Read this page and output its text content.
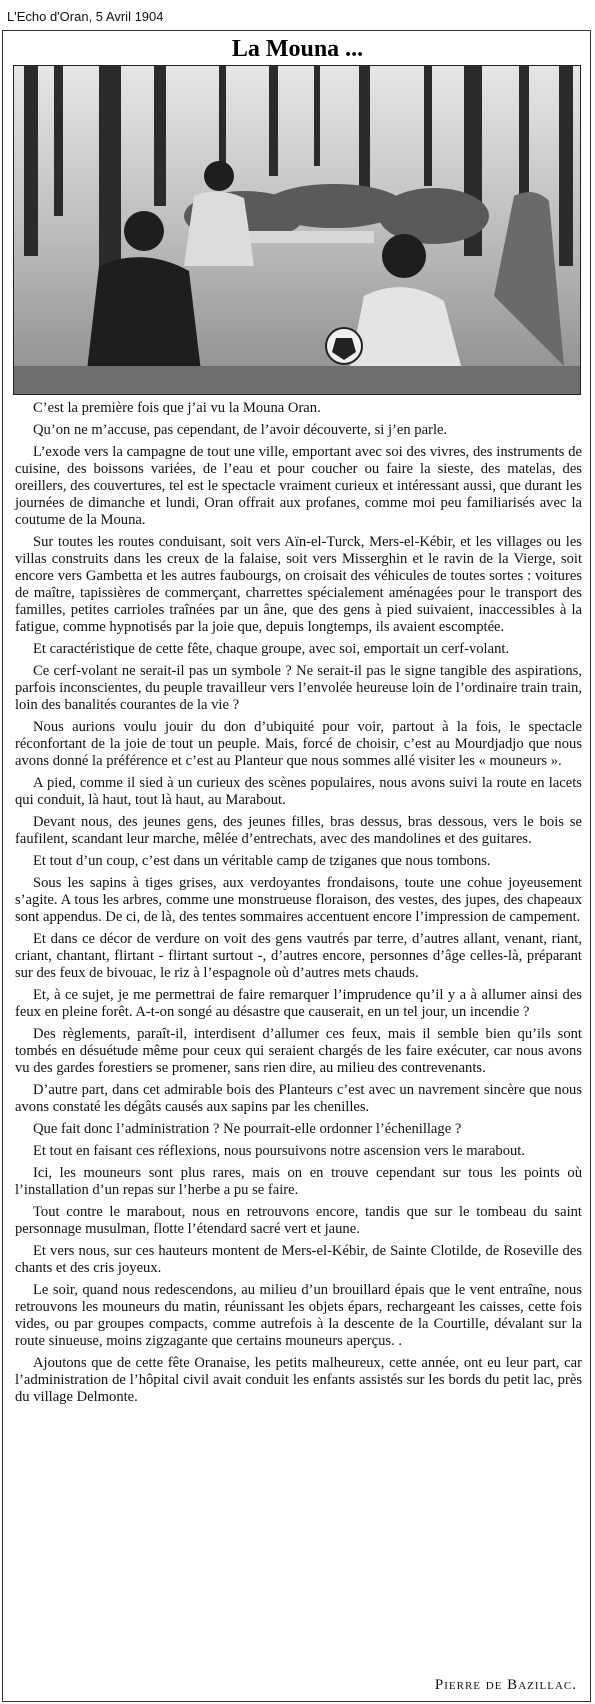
L'Echo d'Oran, 5 Avril 1904
La Mouna ...

C’est la première fois que j’ai vu la Mouna Oran.

Qu’on ne m’accuse, pas cependant, de l’avoir découverte, si j’en parle.

L’exode vers la campagne de tout une ville, emportant avec soi des vivres, des instruments de cuisine, des boissons variées, de l’eau et pour coucher ou faire la sieste, des matelas, des oreillers, des couvertures, tel est le spectacle vraiment curieux et intéressant aussi, que durant les journées de dimanche et lundi, Oran offrait aux profanes, comme moi peu familiarisés avec la coutume de la Mouna.

Sur toutes les routes conduisant, soit vers Aïn-el-Turck, Mers-el-Kébir, et les villages ou les villas construits dans les creux de la falaise, soit vers Misserghin et le ravin de la Vierge, soit encore vers Gambetta et les autres faubourgs, on croisait des véhicules de toutes sortes : voitures de maître, tapissières de commerçant, charrettes spécialement aménagées pour le transport des familles, petites carrioles traînées par un âne, que des gens à pied suivaient, inaccessibles à la fatigue, comme hypnotisés par la joie que, depuis longtemps, ils avaient escomptée.

Et caractéristique de cette fête, chaque groupe, avec soi, emportait un cerf-volant.

Ce cerf-volant ne serait-il pas un symbole ? Ne serait-il pas le signe tangible des aspirations, parfois inconscientes, du peuple travailleur vers l’envolée heureuse loin de l’ordinaire train train, loin des banalités courantes de la vie ?

Nous aurions voulu jouir du don d’ubiquité pour voir, partout à la fois, le spectacle réconfortant de la joie de tout un peuple. Mais, forcé de choisir, c’est au Mourdjadjo que nous avons donné la préférence et c’est au Planteur que nous sommes allé visiter les « mouneurs ».

A pied, comme il sied à un curieux des scènes populaires, nous avons suivi la route en lacets qui conduit, là haut, tout là haut, au Marabout.

Devant nous, des jeunes gens, des jeunes filles, bras dessus, bras dessous, vers le bois se faufilent, scandant leur marche, mêlée d’entrechats, avec des mandolines et des guitares.

Et tout d’un coup, c’est dans un véritable camp de tziganes que nous tombons.

Sous les sapins à tiges grises, aux verdoyantes frondaisons, toute une cohue joyeusement s’agite. A tous les arbres, comme une monstrueuse floraison, des vestes, des jupes, des chapeaux sont appendus. De ci, de là, des tentes sommaires accentuent encore l’impression de campement.

Et dans ce décor de verdure on voit des gens vautrés par terre, d’autres allant, venant, riant, criant, chantant, flirtant - flirtant surtout -, d’autres encore, personnes d’âge celles-là, préparant sur des feux de bivouac, le riz à l’espagnole où d’autres mets chauds.

Et, à ce sujet, je me permettrai de faire remarquer l’imprudence qu’il y a à allumer ainsi des feux en pleine forêt. A-t-on songé au désastre que causerait, en un tel jour, un incendie ?

Des règlements, paraît-il, interdisent d’allumer ces feux, mais il semble bien qu’ils sont tombés en désuétude même pour ceux qui seraient chargés de les faire exécuter, car nous avons vu des gardes forestiers se promener, sans rien dire, au milieu des contrevenants.

D’autre part, dans cet admirable bois des Planteurs c’est avec un navrement sincère que nous avons constaté les dégâts causés aux sapins par les chenilles.

Que fait donc l’administration ? Ne pourrait-elle ordonner l’échenillage ?

Et tout en faisant ces réflexions, nous poursuivons notre ascension vers le marabout.

Ici, les mouneurs sont plus rares, mais on en trouve cependant sur tous les points où l’installation d’un repas sur l’herbe a pu se faire.

Tout contre le marabout, nous en retrouvons encore, tandis que sur le tombeau du saint personnage musulman, flotte l’étendard sacré vert et jaune.

Et vers nous, sur ces hauteurs montent de Mers-el-Kébir, de Sainte Clotilde, de Roseville des chants et des cris joyeux.

Le soir, quand nous redescendons, au milieu d’un brouillard épais que le vent entraîne, nous retrouvons les mouneurs du matin, réunissant les objets épars, rechargeant les caisses, cette fois vides, ou par groupes compacts, comme autrefois à la descente de la Courtille, dévalant sur la route sinueuse, moins zigzagante que certains mouneurs aperçus. .

Ajoutons que de cette fête Oranaise, les petits malheureux, cette année, ont eu leur part, car l’administration de l’hôpital civil avait conduit les enfants assistés sur les bords du petit lac, près du village Delmonte.

Pierre de Bazillac.
